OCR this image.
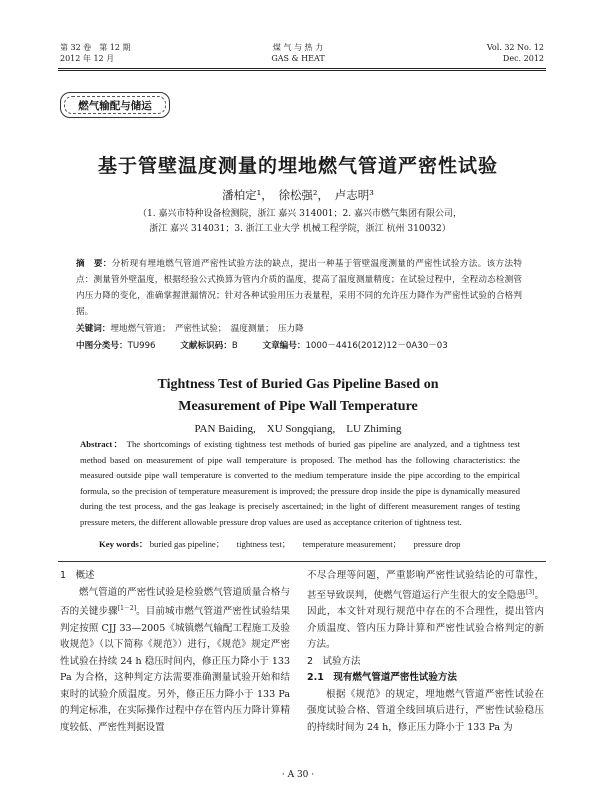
第 32 卷　第 12 期
2012 年 12 月
煤 气 与 热 力
GAS & HEAT
Vol. 32 No. 12
Dec. 2012
燃气输配与储运
基于管壁温度测量的埋地燃气管道严密性试验
潘柏定¹，　徐松强²，　卢志明³
（1. 嘉兴市特种设备检测院，浙江 嘉兴 314001；2. 嘉兴市燃气集团有限公司，
浙江 嘉兴 314031；3. 浙江工业大学 机械工程学院，浙江 杭州 310032）
摘　要：分析现有埋地燃气管道严密性试验方法的缺点，提出一种基于管壁温度测量的严密性试验方法。该方法特点：测量管外壁温度，根据经验公式换算为管内介质的温度，提高了温度测量精度；在试验过程中，全程动态检测管内压力降的变化，准确掌握泄漏情况；针对各种试验用压力表量程，采用不同的允许压力降作为严密性试验的合格判据。
关键词：埋地燃气管道；　严密性试验；　温度测量；　压力降
中图分类号：TU996	文献标识码：B	文章编号：1000－4416(2012)12－0A30－03
Tightness Test of Buried Gas Pipeline Based on
Measurement of Pipe Wall Temperature
PAN Baiding,　XU Songqiang,　LU Zhiming
Abstract： The shortcomings of existing tightness test methods of buried gas pipeline are analyzed, and a tightness test method based on measurement of pipe wall temperature is proposed. The method has the following characteristics: the measured outside pipe wall temperature is converted to the medium temperature inside the pipe according to the empirical formula, so the precision of temperature measurement is improved; the pressure drop inside the pipe is dynamically measured during the test process, and the gas leakage is precisely ascertained; in the light of different measurement ranges of testing pressure meters, the different allowable pressure drop values are used as acceptance criterion of tightness test.
Key words： buried gas pipeline； tightness test； temperature measurement； pressure drop
1　概述
燃气管道的严密性试验是检验燃气管道质量合格与否的关键步骤[1－2]。目前城市燃气管道严密性试验结果判定按照 CJJ 33—2005《城镇燃气输配工程施工及验收规范》（以下简称《规范》）进行，《规范》规定严密性试验在持续 24 h 稳压时间内，修正压力降小于 133 Pa 为合格，这种判定方法需要准确测量试验开始和结束时的试验介质温度。另外，修正压力降小于 133 Pa 的判定标准，在实际操作过程中存在管内压力降计算精度较低、严密性判据设置
不尽合理等问题，严重影响严密性试验结论的可靠性，甚至导致误判，使燃气管道运行产生很大的安全隐患[3]。因此，本文针对现行规范中存在的不合理性，提出管内介质温度、管内压力降计算和严密性试验合格判定的新方法。
2　试验方法
2.1　现有燃气管道严密性试验方法
根据《规范》的规定，埋地燃气管道严密性试验在强度试验合格、管道全线回填后进行，严密性试验稳压的持续时间为 24 h，修正压力降小于 133 Pa 为
· A 30 ·
